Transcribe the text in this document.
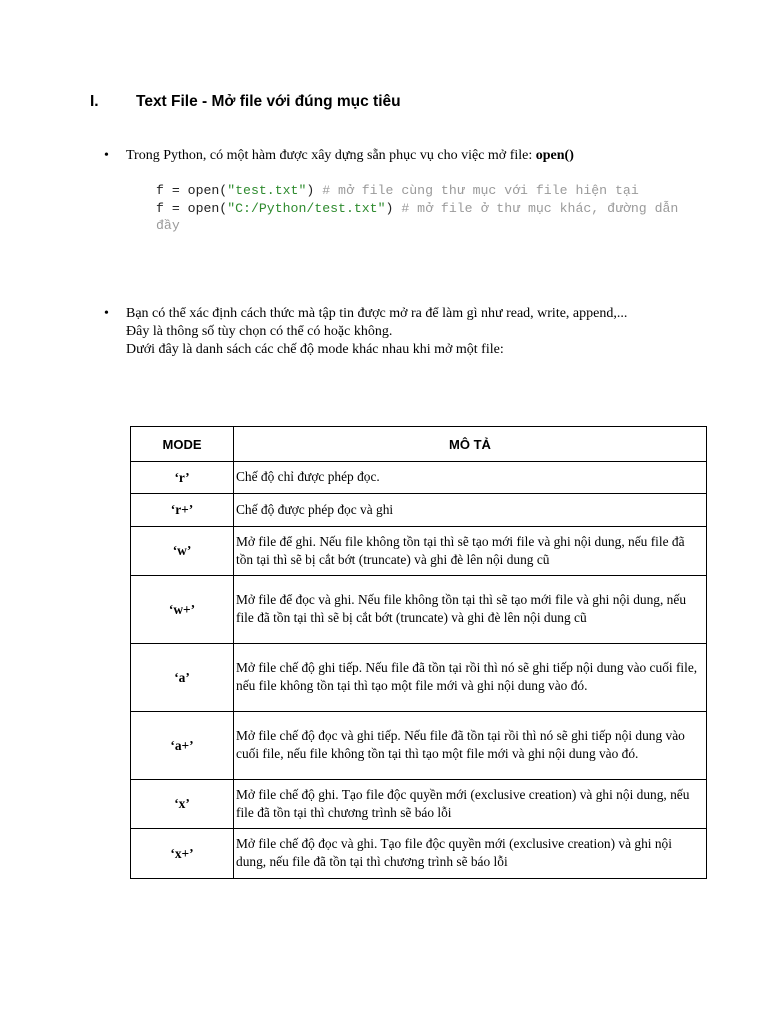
I. Text File - Mở file với đúng mục tiêu
• Trong Python, có một hàm được xây dựng sẵn phục vụ cho việc mở file: open()
f = open("test.txt") # mở file cùng thư mục với file hiện tại
f = open("C:/Python/test.txt") # mở file ở thư mục khác, đường dẫn đầy
• Bạn có thể xác định cách thức mà tập tin được mở ra để làm gì như read, write, append,... Đây là thông số tùy chọn có thể có hoặc không.
Dưới đây là danh sách các chế độ mode khác nhau khi mở một file:
MODE	MÔ TẢ
‘r’	Chế độ chỉ được phép đọc.
‘r+’	Chế độ được phép đọc và ghi
‘w’	Mở file để ghi. Nếu file không tồn tại thì sẽ tạo mới file và ghi nội dung, nếu file đã tồn tại thì sẽ bị cắt bớt (truncate) và ghi đè lên nội dung cũ
‘w+’	Mở file để đọc và ghi. Nếu file không tồn tại thì sẽ tạo mới file và ghi nội dung, nếu file đã tồn tại thì sẽ bị cắt bớt (truncate) và ghi đè lên nội dung cũ
‘a’	Mở file chế độ ghi tiếp. Nếu file đã tồn tại rồi thì nó sẽ ghi tiếp nội dung vào cuối file, nếu file không tồn tại thì tạo một file mới và ghi nội dung vào đó.
‘a+’	Mở file chế độ đọc và ghi tiếp. Nếu file đã tồn tại rồi thì nó sẽ ghi tiếp nội dung vào cuối file, nếu file không tồn tại thì tạo một file mới và ghi nội dung vào đó.
‘x’	Mở file chế độ ghi. Tạo file độc quyền mới (exclusive creation) và ghi nội dung, nếu file đã tồn tại thì chương trình sẽ báo lỗi
‘x+’	Mở file chế độ đọc và ghi. Tạo file độc quyền mới (exclusive creation) và ghi nội dung, nếu file đã tồn tại thì chương trình sẽ báo lỗi
